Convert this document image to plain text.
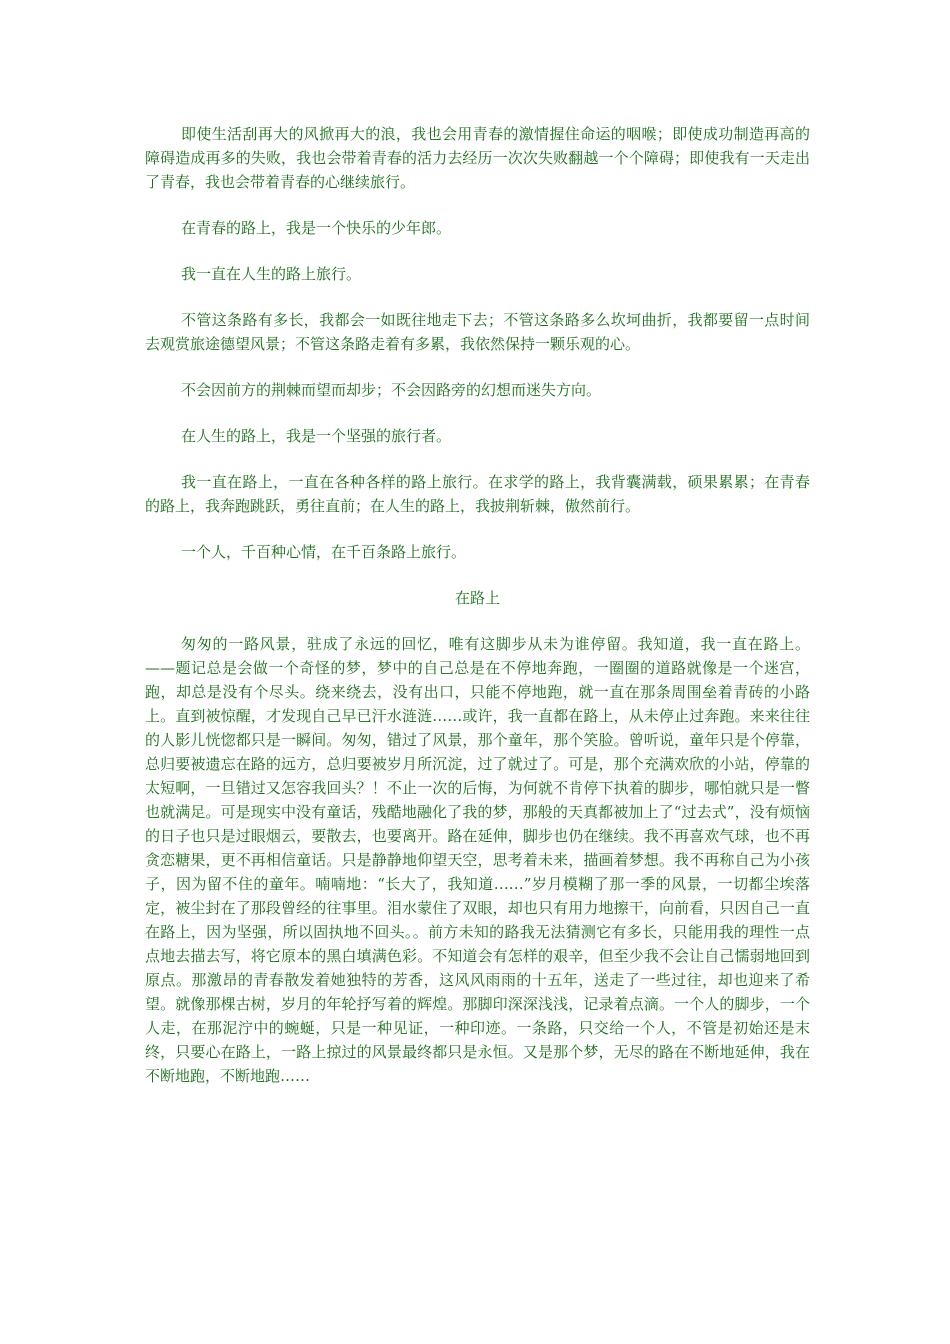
即使生活刮再大的风掀再大的浪，我也会用青春的激情握住命运的咽喉；即使成功制造再高的障碍造成再多的失败，我也会带着青春的活力去经历一次次失败翻越一个个障碍；即使我有一天走出了青春，我也会带着青春的心继续旅行。

在青春的路上，我是一个快乐的少年郎。

我一直在人生的路上旅行。

不管这条路有多长，我都会一如既往地走下去；不管这条路多么坎坷曲折，我都要留一点时间去观赏旅途德望风景；不管这条路走着有多累，我依然保持一颗乐观的心。

不会因前方的荆棘而望而却步；不会因路旁的幻想而迷失方向。

在人生的路上，我是一个坚强的旅行者。

我一直在路上，一直在各种各样的路上旅行。在求学的路上，我背囊满载，硕果累累；在青春的路上，我奔跑跳跃，勇往直前；在人生的路上，我披荆斩棘，傲然前行。

一个人，千百种心情，在千百条路上旅行。

在路上

匆匆的一路风景，驻成了永远的回忆，唯有这脚步从未为谁停留。我知道，我一直在路上。——题记总是会做一个奇怪的梦，梦中的自己总是在不停地奔跑，一圈圈的道路就像是一个迷宫，跑，却总是没有个尽头。绕来绕去，没有出口，只能不停地跑，就一直在那条周围垒着青砖的小路上。直到被惊醒，才发现自己早已汗水涟涟……或许，我一直都在路上，从未停止过奔跑。来来往往的人影儿恍惚都只是一瞬间。匆匆，错过了风景，那个童年，那个笑脸。曾听说，童年只是个停靠，总归要被遗忘在路的远方，总归要被岁月所沉淀，过了就过了。可是，那个充满欢欣的小站，停靠的太短啊，一旦错过又怎容我回头？！不止一次的后悔，为何就不肯停下执着的脚步，哪怕就只是一瞥也就满足。可是现实中没有童话，残酷地融化了我的梦，那般的天真都被加上了“过去式”，没有烦恼的日子也只是过眼烟云，要散去，也要离开。路在延伸，脚步也仍在继续。我不再喜欢气球，也不再贪恋糖果，更不再相信童话。只是静静地仰望天空，思考着未来，描画着梦想。我不再称自己为小孩子，因为留不住的童年。喃喃地：“长大了，我知道……”岁月模糊了那一季的风景，一切都尘埃落定，被尘封在了那段曾经的往事里。泪水蒙住了双眼，却也只有用力地擦干，向前看，只因自己一直在路上，因为坚强，所以固执地不回头。。前方未知的路我无法猜测它有多长，只能用我的理性一点点地去描去写，将它原本的黑白填满色彩。不知道会有怎样的艰辛，但至少我不会让自己懦弱地回到原点。那激昂的青春散发着她独特的芳香，这风风雨雨的十五年，送走了一些过往，却也迎来了希望。就像那棵古树，岁月的年轮抒写着的辉煌。那脚印深深浅浅，记录着点滴。一个人的脚步，一个人走，在那泥泞中的蜿蜒，只是一种见证，一种印迹。一条路，只交给一个人，不管是初始还是末终，只要心在路上，一路上掠过的风景最终都只是永恒。又是那个梦，无尽的路在不断地延伸，我在不断地跑，不断地跑……
